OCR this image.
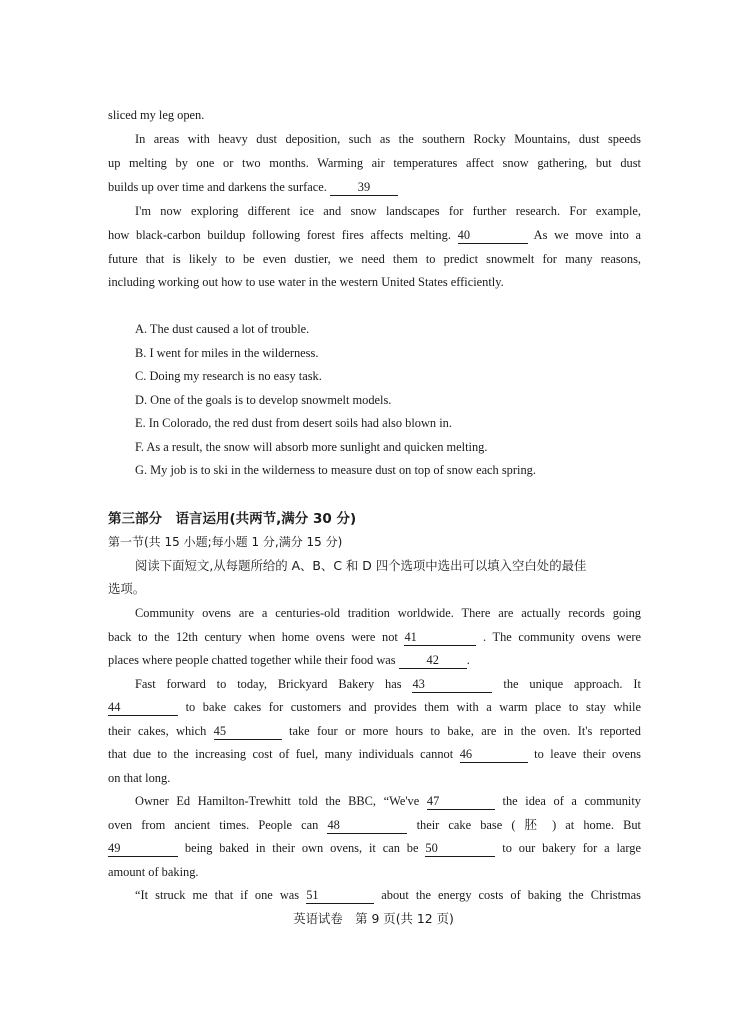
sliced my leg open.

In areas with heavy dust deposition, such as the southern Rocky Mountains, dust speeds

up melting by one or two months. Warming air temperatures affect snow gathering, but dust

builds up over time and darkens the surface. 39

I'm now exploring different ice and snow landscapes for further research. For example,

how black-carbon buildup following forest fires affects melting. 40	As we move into a

future that is likely to be even dustier, we need them to predict snowmelt for many reasons,

including working out how to use water in the western United States efficiently.

A. The dust caused a lot of trouble.

B. I went for miles in the wilderness.

C. Doing my research is no easy task.

D. One of the goals is to develop snowmelt models.

E. In Colorado, the red dust from desert soils had also blown in.

F. As a result, the snow will absorb more sunlight and quicken melting.

G. My job is to ski in the wilderness to measure dust on top of snow each spring.

第三部分　语言运用(共两节,满分 30 分)

第一节(共 15 小题;每小题 1 分,满分 15 分)

阅读下面短文,从每题所给的 A、B、C 和 D 四个选项中选出可以填入空白处的最佳

选项。

Community ovens are a centuries-old tradition worldwide. There are actually records going

back to the 12th century when home ovens were not 41	. The community ovens were

places where people chatted together while their food was 42 .

Fast forward to today, Brickyard Bakery has 43	the unique approach. It

44	to bake cakes for customers and provides them with a warm place to stay while

their cakes, which 45	take four or more hours to bake, are in the oven. It's reported

that due to the increasing cost of fuel, many individuals cannot 46	to leave their ovens

on that long.

Owner Ed Hamilton-Trewhitt told the BBC, “We've 47	the idea of a community

oven from ancient times. People can 48	their cake base ( 胚 ) at home. But

49	being baked in their own ovens, it can be 50	to our bakery for a large

amount of baking.

“It struck me that if one was 51	about the energy costs of baking the Christmas

英语试卷　第 9 页(共 12 页)
